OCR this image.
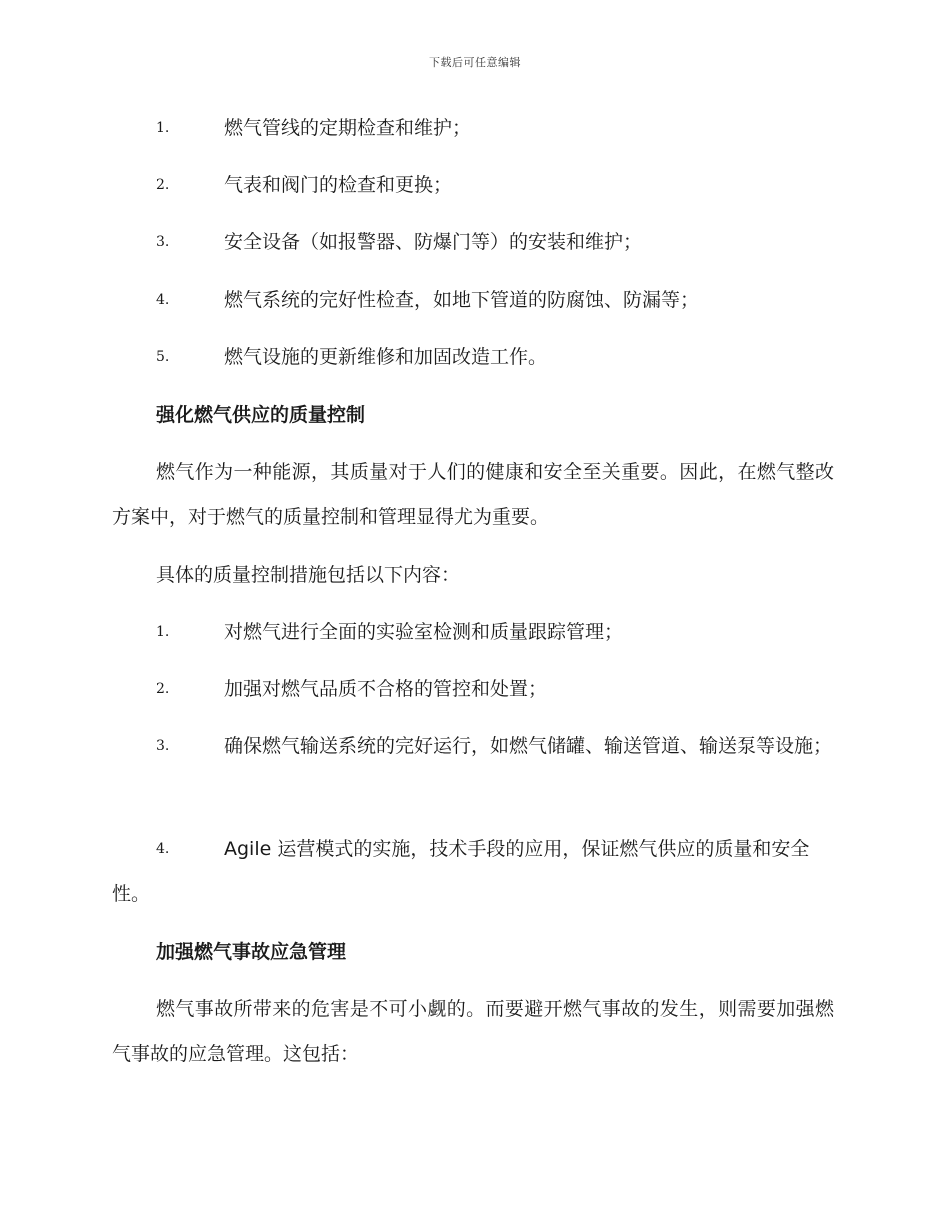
下载后可任意编辑
1.	燃气管线的定期检查和维护；
2.	气表和阀门的检查和更换；
3.	安全设备（如报警器、防爆门等）的安装和维护；
4.	燃气系统的完好性检查，如地下管道的防腐蚀、防漏等；
5.	燃气设施的更新维修和加固改造工作。
强化燃气供应的质量控制
燃气作为一种能源，其质量对于人们的健康和安全至关重要。因此，在燃气整改方案中，对于燃气的质量控制和管理显得尤为重要。
具体的质量控制措施包括以下内容：
1.	对燃气进行全面的实验室检测和质量跟踪管理；
2.	加强对燃气品质不合格的管控和处置；
3.	确保燃气输送系统的完好运行，如燃气储罐、输送管道、输送泵等设施；
4.	Agile 运营模式的实施，技术手段的应用，保证燃气供应的质量和安全性。
加强燃气事故应急管理
燃气事故所带来的危害是不可小觑的。而要避开燃气事故的发生，则需要加强燃气事故的应急管理。这包括：
